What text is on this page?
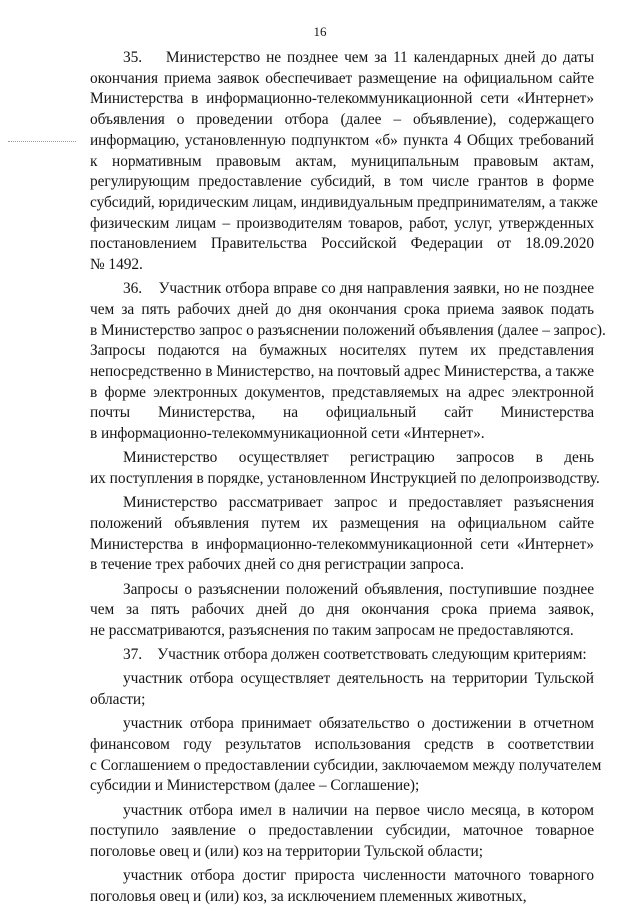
16

35.    Министерство не позднее чем за 11 календарных дней до даты
окончания приема заявок обеспечивает размещение на официальном сайте
Министерства в информационно-телекоммуникационной сети «Интернет»
объявления о проведении отбора (далее – объявление), содержащего
информацию, установленную подпунктом «б» пункта 4 Общих требований
к нормативным правовым актам, муниципальным правовым актам,
регулирующим предоставление субсидий, в том числе грантов в форме
субсидий, юридическим лицам, индивидуальным предпринимателям, а также
физическим лицам – производителям товаров, работ, услуг, утвержденных
постановлением Правительства Российской Федерации от 18.09.2020
№ 1492.

36.    Участник отбора вправе со дня направления заявки, но не позднее
чем за пять рабочих дней до дня окончания срока приема заявок подать
в Министерство запрос о разъяснении положений объявления (далее – запрос).
Запросы подаются на бумажных носителях путем их представления
непосредственно в Министерство, на почтовый адрес Министерства, а также
в форме электронных документов, представляемых на адрес электронной
почты Министерства, на официальный сайт Министерства
в информационно-телекоммуникационной сети «Интернет».

Министерство осуществляет регистрацию запросов в день
их поступления в порядке, установленном Инструкцией по делопроизводству.

Министерство рассматривает запрос и предоставляет разъяснения
положений объявления путем их размещения на официальном сайте
Министерства в информационно-телекоммуникационной сети «Интернет»
в течение трех рабочих дней со дня регистрации запроса.

Запросы о разъяснении положений объявления, поступившие позднее
чем за пять рабочих дней до дня окончания срока приема заявок,
не рассматриваются, разъяснения по таким запросам не предоставляются.

37.    Участник отбора должен соответствовать следующим критериям:

участник отбора осуществляет деятельность на территории Тульской
области;

участник отбора принимает обязательство о достижении в отчетном
финансовом году результатов использования средств в соответствии
с Соглашением о предоставлении субсидии, заключаемом между получателем
субсидии и Министерством (далее – Соглашение);

участник отбора имел в наличии на первое число месяца, в котором
поступило заявление о предоставлении субсидии, маточное товарное
поголовье овец и (или) коз на территории Тульской области;

участник отбора достиг прироста численности маточного товарного
поголовья овец и (или) коз, за исключением племенных животных,
